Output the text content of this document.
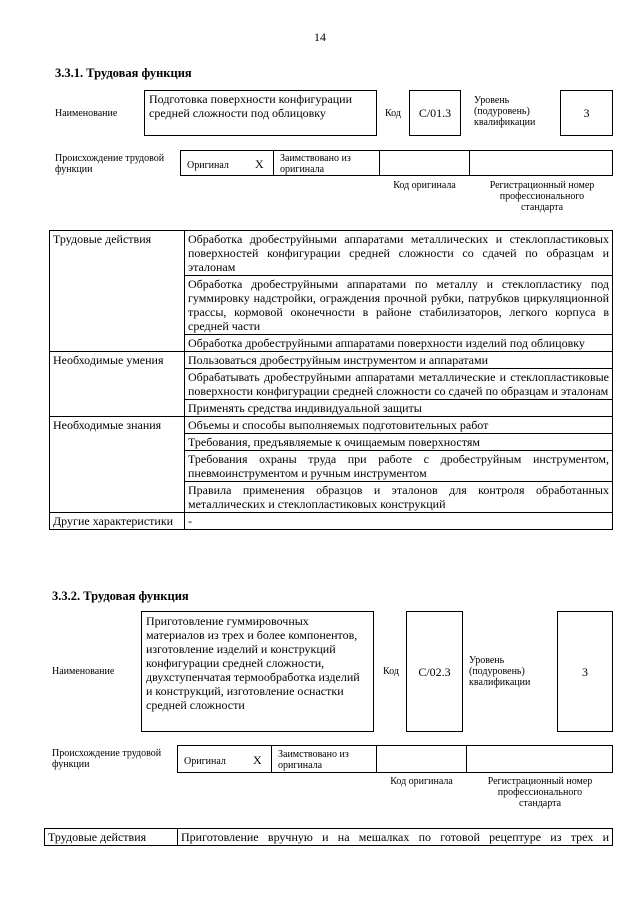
14
3.3.1. Трудовая функция
Наименование
Подготовка поверхности конфигурации средней сложности под облицовку	Код	C/01.3
Уровень (подуровень) квалификации
3
Происхождение трудовой функции	Оригинал X	Заимствовано из оригинала
Код оригинала	Регистрационный номер профессионального стандарта
Трудовые действия	Обработка дробеструйными аппаратами металлических и стеклопластиковых поверхностей конфигурации средней сложности со сдачей по образцам и эталонам
	Обработка дробеструйными аппаратами по металлу и стеклопластику под гуммировку надстройки, ограждения прочной рубки, патрубков циркуляционной трассы, кормовой оконечности в районе стабилизаторов, легкого корпуса в средней части
	Обработка дробеструйными аппаратами поверхности изделий под облицовку
Необходимые умения	Пользоваться дробеструйным инструментом и аппаратами
	Обрабатывать дробеструйными аппаратами металлические и стеклопластиковые поверхности конфигурации средней сложности со сдачей по образцам и эталонам
	Применять средства индивидуальной защиты
Необходимые знания	Объемы и способы выполняемых подготовительных работ
	Требования, предъявляемые к очищаемым поверхностям
	Требования охраны труда при работе с дробеструйным инструментом, пневмоинструментом и ручным инструментом
	Правила применения образцов и эталонов для контроля обработанных металлических и стеклопластиковых конструкций
Другие характеристики	-
3.3.2. Трудовая функция
Наименование
Приготовление гуммировочных материалов из трех и более компонентов, изготовление изделий и конструкций конфигурации средней сложности, двухступенчатая термообработка изделий и конструкций, изготовление оснастки средней сложности
Код	C/02.3
Уровень (подуровень) квалификации
3
Происхождение трудовой функции	Оригинал X	Заимствовано из оригинала
Код оригинала	Регистрационный номер профессионального стандарта
Трудовые действия	Приготовление вручную и на мешалках по готовой рецептуре из трех и
